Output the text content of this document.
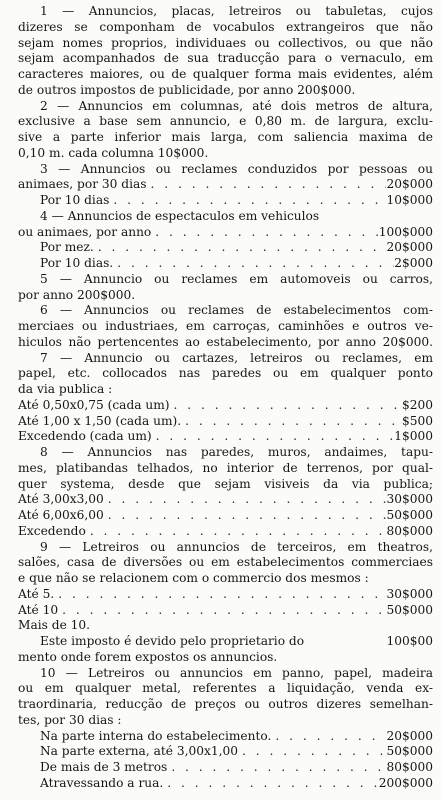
1 — Annuncios, placas, letreiros ou tabuletas, cujos
dizeres se componham de vocabulos extrangeiros que não
sejam nomes proprios, individuaes ou collectivos, ou que não
sejam acompanhados de sua traducção para o vernaculo, em
caracteres maiores, ou de qualquer forma mais evidentes, além
de outros impostos de publicidade, por anno 200$000.
2 — Annuncios em columnas, até dois metros de altura,
exclusive a base sem annuncio, e 0,80 m. de largura, exclu-
sive a parte inferior mais larga, com saliencia maxima de
0,10 m. cada columna 10$000.
3 — Annuncios ou reclames conduzidos por pessoas ou
animaes, por 30 dias . . .	20$000
Por 10 dias . . .	10$000
4 — Annuncios de espectaculos em vehiculos
ou animaes, por anno . . .	100$000
Por mez. . . .	20$000
Por 10 dias. . . .	2$000
5 — Annuncio ou reclames em automoveis ou carros,
por anno 200$000.
6 — Annuncios ou reclames de estabelecimentos com-
merciaes ou industriaes, em carroças, caminhões e outros ve-
hiculos não pertencentes ao estabelecimento, por anno 20$000.
7 — Annuncio ou cartazes, letreiros ou reclames, em
papel, etc. collocados nas paredes ou em qualquer ponto
da via publica :
Até 0,50x0,75 (cada um) . . .	$200
Até 1,00 x 1,50 (cada um). . . .	$500
Excedendo (cada um) . . .	1$000
8 — Annuncios nas paredes, muros, andaimes, tapu-
mes, platibandas telhados, no interior de terrenos, por qual-
quer systema, desde que sejam visiveis da via publica;
Até 3,00x3,00 . . .	30$000
Até 6,00x6,00 . . .	50$000
Excedendo . . .	80$000
9 — Letreiros ou annuncios de terceiros, em theatros,
salões, casa de diversões ou em estabelecimentos commerciaes
e que não se relacionem com o commercio dos mesmos :
Até 5. . . .	30$000
Até 10 . . .	50$000
Mais de 10.
Este imposto é devido pelo proprietario do	100$00
mento onde forem expostos os annuncios.
10 — Letreiros ou annuncios em panno, papel, madeira
ou em qualquer metal, referentes a liquidação, venda ex-
traordinaria, reducção de preços ou outros dizeres semelhan-
tes, por 30 dias :
Na parte interna do estabelecimento. . . .	20$000
Na parte externa, até 3,00x1,00 . . .	50$000
De mais de 3 metros . . .	80$000
Atravessando a rua. . . .	200$000
